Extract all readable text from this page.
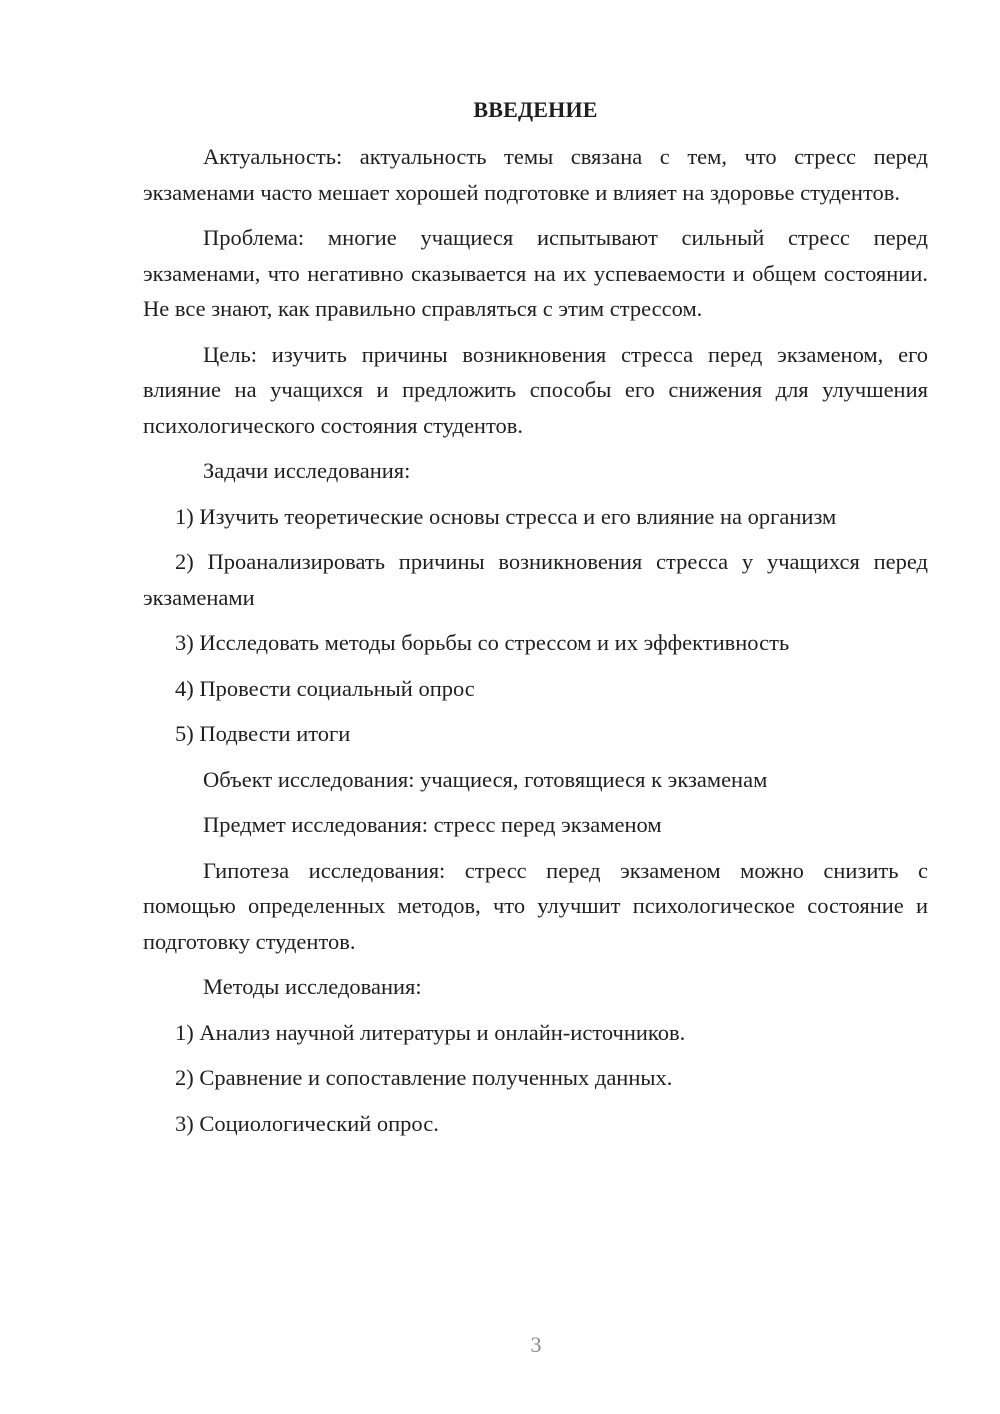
ВВЕДЕНИЕ
Актуальность: актуальность темы связана с тем, что стресс перед экзаменами часто мешает хорошей подготовке и влияет на здоровье студентов.
Проблема: многие учащиеся испытывают сильный стресс перед экзаменами, что негативно сказывается на их успеваемости и общем состоянии. Не все знают, как правильно справляться с этим стрессом.
Цель: изучить причины возникновения стресса перед экзаменом, его влияние на учащихся и предложить способы его снижения для улучшения психологического состояния студентов.
Задачи исследования:
1) Изучить теоретические основы стресса и его влияние на организм
2) Проанализировать причины возникновения стресса у учащихся перед экзаменами
3) Исследовать методы борьбы со стрессом и их эффективность
4) Провести социальный опрос
5) Подвести итоги
Объект исследования: учащиеся, готовящиеся к экзаменам
Предмет исследования: стресс перед экзаменом
Гипотеза исследования: стресс перед экзаменом можно снизить с помощью определенных методов, что улучшит психологическое состояние и подготовку студентов.
Методы исследования:
1) Анализ научной литературы и онлайн-источников.
2) Сравнение и сопоставление полученных данных.
3) Социологический опрос.
3
